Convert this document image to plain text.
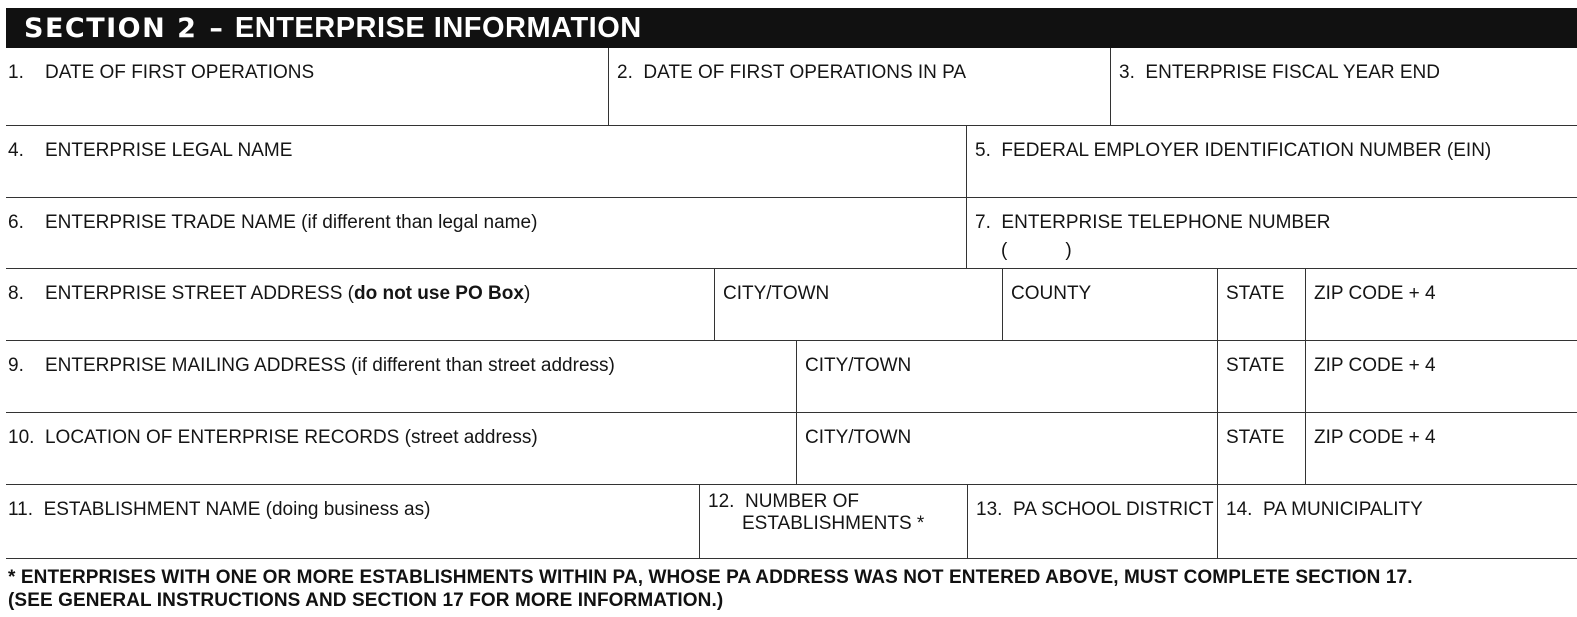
SECTION 2 – ENTERPRISE INFORMATION
1. DATE OF FIRST OPERATIONS	2. DATE OF FIRST OPERATIONS IN PA	3. ENTERPRISE FISCAL YEAR END
4. ENTERPRISE LEGAL NAME	5. FEDERAL EMPLOYER IDENTIFICATION NUMBER (EIN)
6. ENTERPRISE TRADE NAME (if different than legal name)	7. ENTERPRISE TELEPHONE NUMBER
(           )
8. ENTERPRISE STREET ADDRESS (do not use PO Box)	CITY/TOWN	COUNTY	STATE ZIP CODE + 4
9. ENTERPRISE MAILING ADDRESS (if different than street address)	CITY/TOWN	STATE ZIP CODE + 4
10. LOCATION OF ENTERPRISE RECORDS (street address)	CITY/TOWN	STATE ZIP CODE + 4
11. ESTABLISHMENT NAME (doing business as)	12. NUMBER OF
ESTABLISHMENTS *
13. PA SCHOOL DISTRICT 14. PA MUNICIPALITY
* ENTERPRISES WITH ONE OR MORE ESTABLISHMENTS WITHIN PA, WHOSE PA ADDRESS WAS NOT ENTERED ABOVE, MUST COMPLETE SECTION 17.
(SEE GENERAL INSTRUCTIONS AND SECTION 17 FOR MORE INFORMATION.)
